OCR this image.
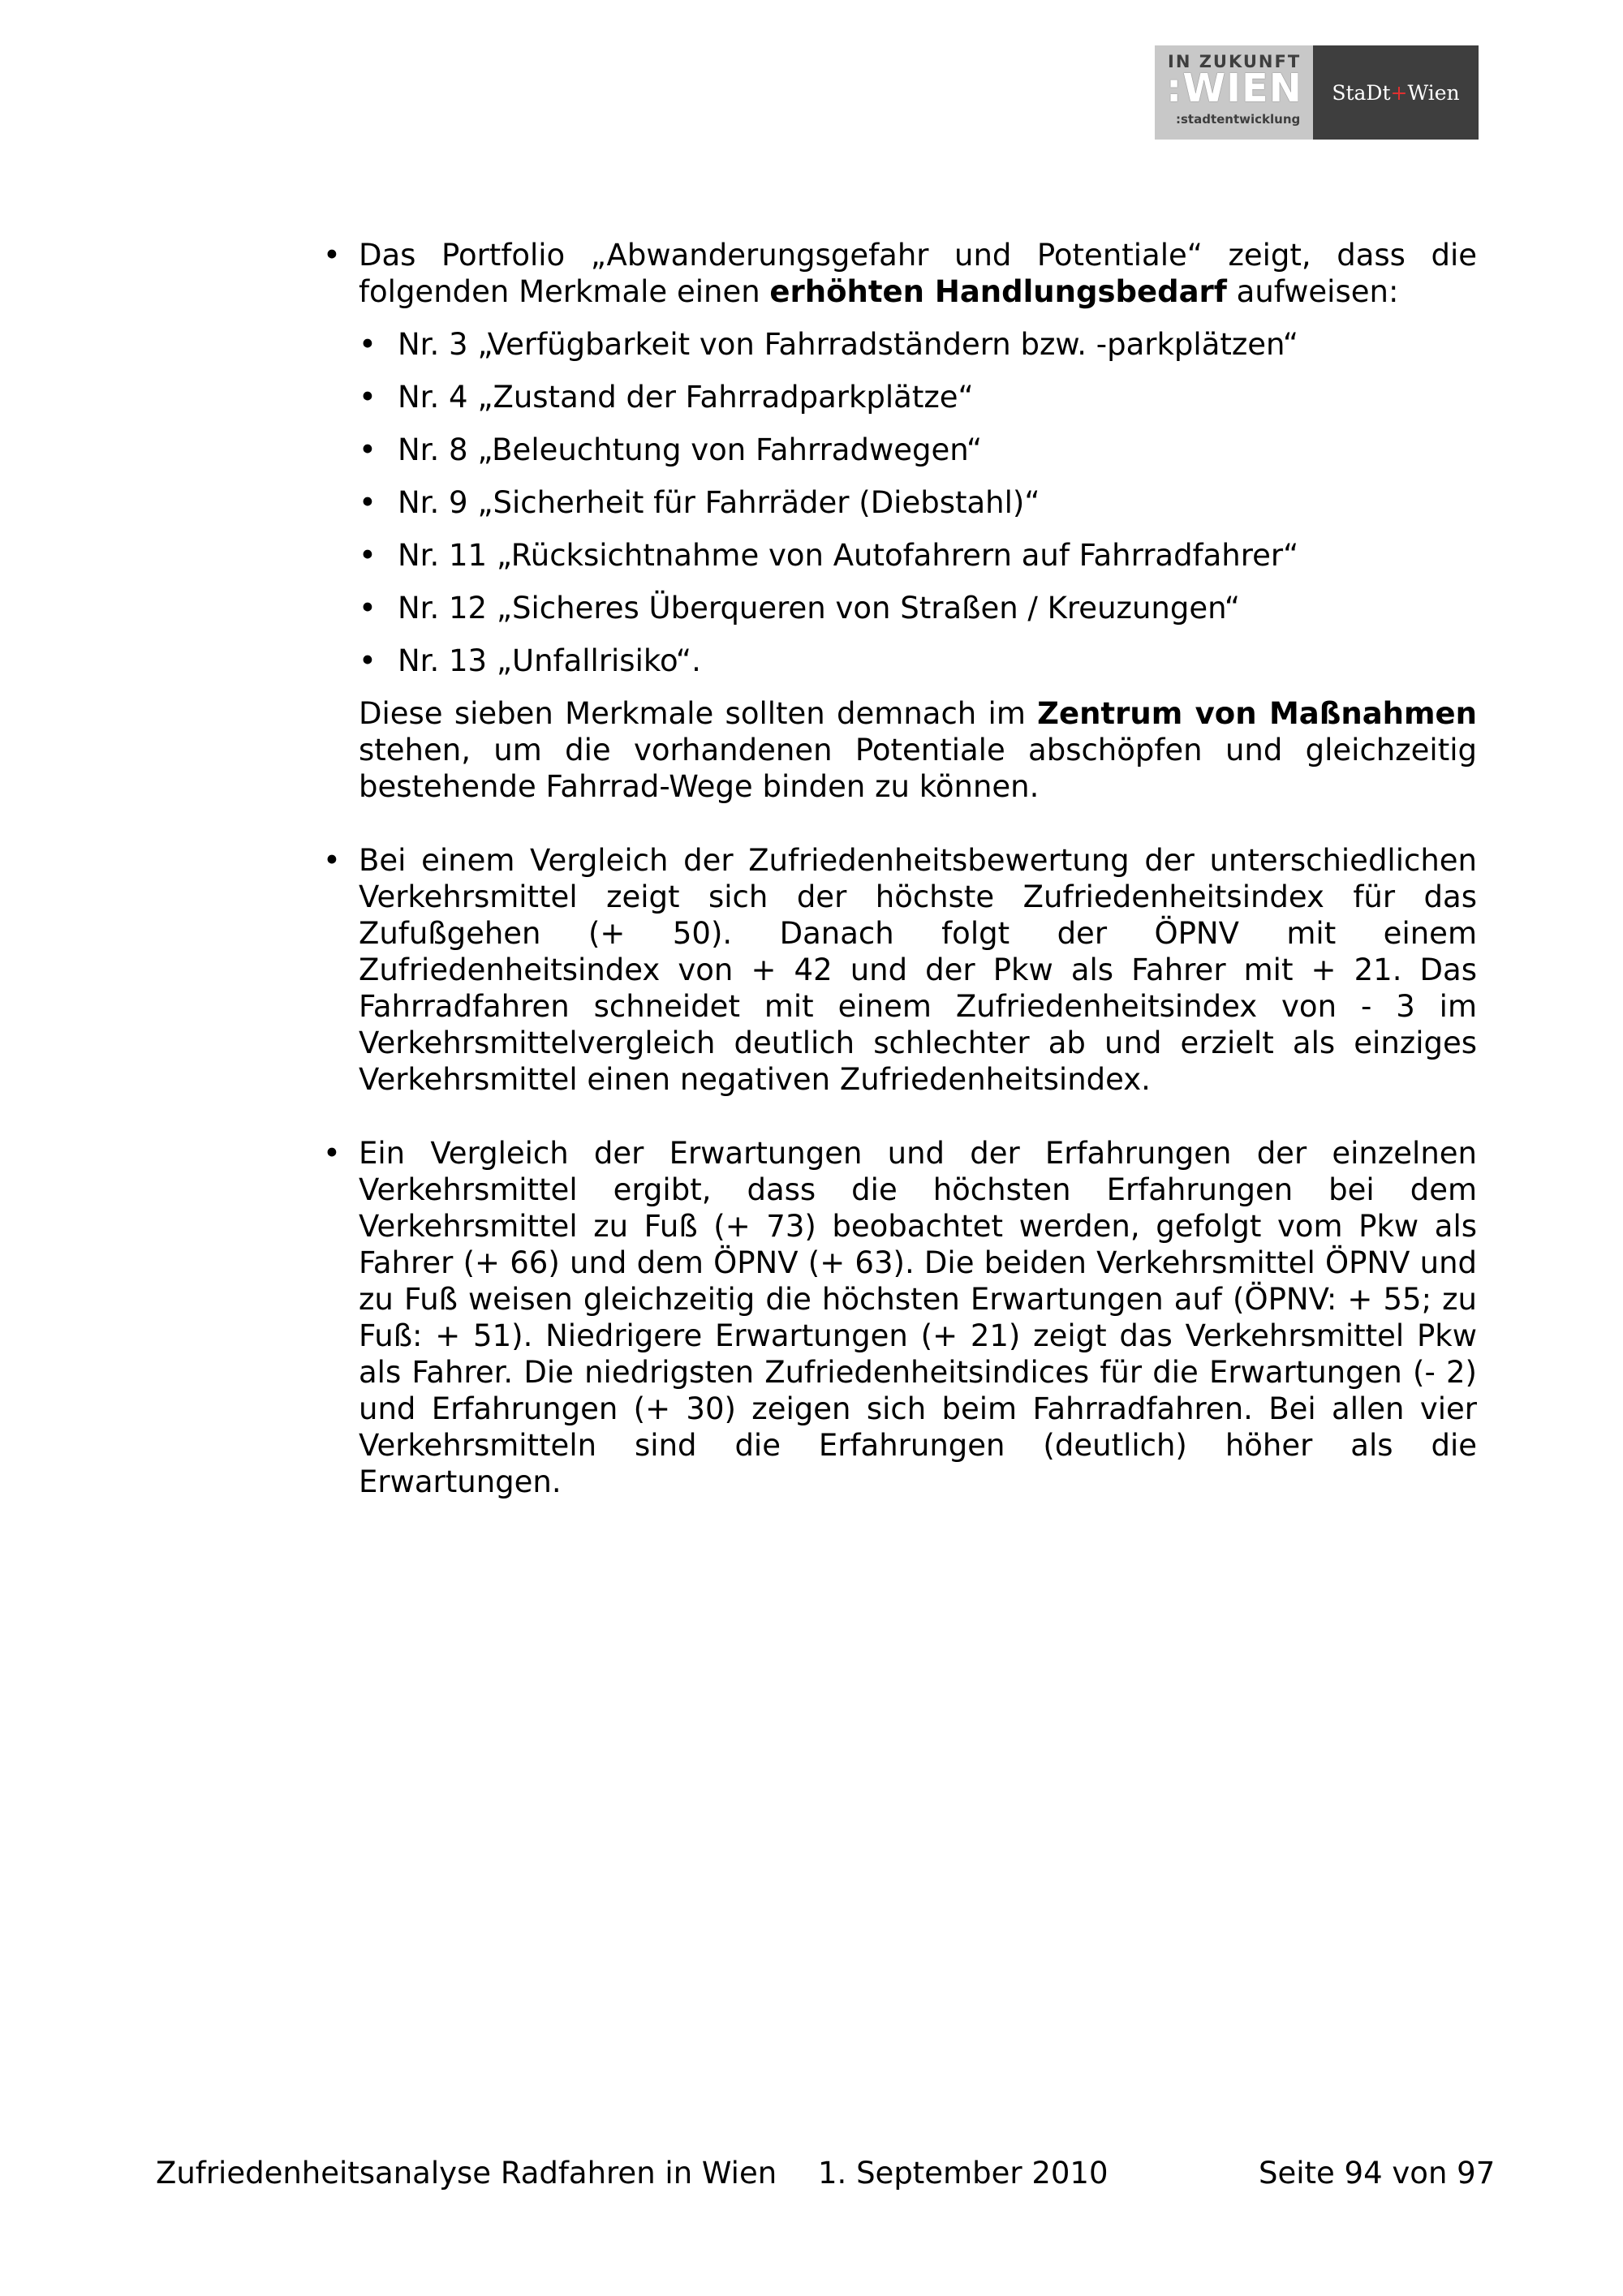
IN ZUKUNFT
:WIEN
:stadtentwicklung
StaDt+Wien
• Das Portfolio „Abwanderungsgefahr und Potentiale“ zeigt, dass die folgenden Merkmale einen erhöhten Handlungsbedarf aufweisen:

• Nr. 3 „Verfügbarkeit von Fahrradständern bzw. -parkplätzen“
• Nr. 4 „Zustand der Fahrradparkplätze“
• Nr. 8 „Beleuchtung von Fahrradwegen“
• Nr. 9 „Sicherheit für Fahrräder (Diebstahl)“
• Nr. 11 „Rücksichtnahme von Autofahrern auf Fahrradfahrer“
• Nr. 12 „Sicheres Überqueren von Straßen / Kreuzungen“
• Nr. 13 „Unfallrisiko“.

Diese sieben Merkmale sollten demnach im Zentrum von Maßnahmen stehen, um die vorhandenen Potentiale abschöpfen und gleichzeitig bestehende Fahrrad-Wege binden zu können.

• Bei einem Vergleich der Zufriedenheitsbewertung der unterschiedlichen Verkehrsmittel zeigt sich der höchste Zufriedenheitsindex für das Zufußgehen (+ 50). Danach folgt der ÖPNV mit einem Zufriedenheitsindex von + 42 und der Pkw als Fahrer mit + 21. Das Fahrradfahren schneidet mit einem Zufriedenheitsindex von - 3 im Verkehrsmittelvergleich deutlich schlechter ab und erzielt als einziges Verkehrsmittel einen negativen Zufriedenheitsindex.

• Ein Vergleich der Erwartungen und der Erfahrungen der einzelnen Verkehrsmittel ergibt, dass die höchsten Erfahrungen bei dem Verkehrsmittel zu Fuß (+ 73) beobachtet werden, gefolgt vom Pkw als Fahrer (+ 66) und dem ÖPNV (+ 63). Die beiden Verkehrsmittel ÖPNV und zu Fuß weisen gleichzeitig die höchsten Erwartungen auf (ÖPNV: + 55; zu Fuß: + 51). Niedrigere Erwartungen (+ 21) zeigt das Verkehrsmittel Pkw als Fahrer. Die niedrigsten Zufriedenheitsindices für die Erwartungen (- 2) und Erfahrungen (+ 30) zeigen sich beim Fahrradfahren. Bei allen vier Verkehrsmitteln sind die Erfahrungen (deutlich) höher als die Erwartungen.

Zufriedenheitsanalyse Radfahren in Wien 1. September 2010	Seite 94 von 97
